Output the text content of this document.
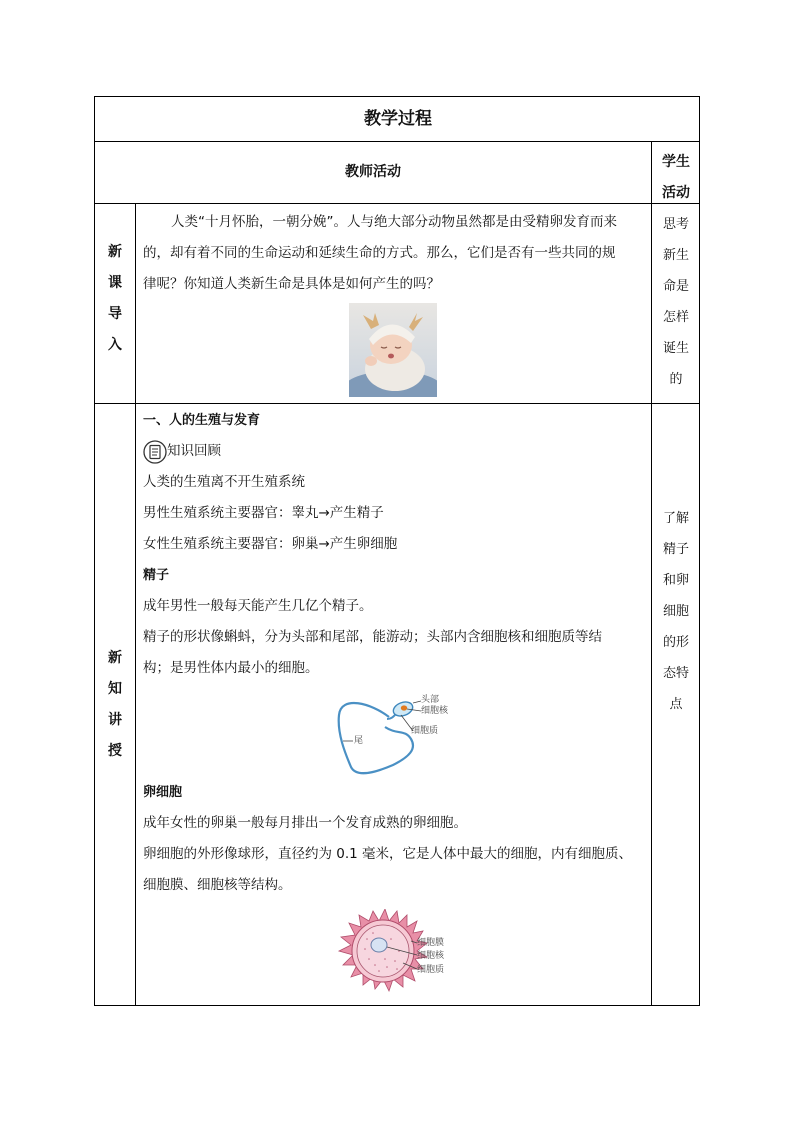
教学过程
教师活动
学生
活动
新
课
导
入

人类“十月怀胎，一朝分娩”。人与绝大部分动物虽然都是由受精卵发育而来

的，却有着不同的生命运动和延续生命的方式。那么，它们是否有一些共同的规

律呢？你知道人类新生命是具体是如何产生的吗？

思考
新生
命是
怎样
诞生
的
新
知
讲
授

一、人的生殖与发育

知识回顾

人类的生殖离不开生殖系统

男性生殖系统主要器官：睾丸→产生精子

女性生殖系统主要器官：卵巢→产生卵细胞

精子

成年男性一般每天能产生几亿个精子。

精子的形状像蝌蚪，分为头部和尾部，能游动；头部内含细胞核和细胞质等结

构；是男性体内最小的细胞。

头部
细胞核
细胞质
尾

卵细胞

成年女性的卵巢一般每月排出一个发育成熟的卵细胞。

卵细胞的外形像球形，直径约为 0.1 毫米，它是人体中最大的细胞，内有细胞质、

细胞膜、细胞核等结构。

细胞膜
细胞核
细胞质
了解
精子
和卵
细胞
的形
态特
点
